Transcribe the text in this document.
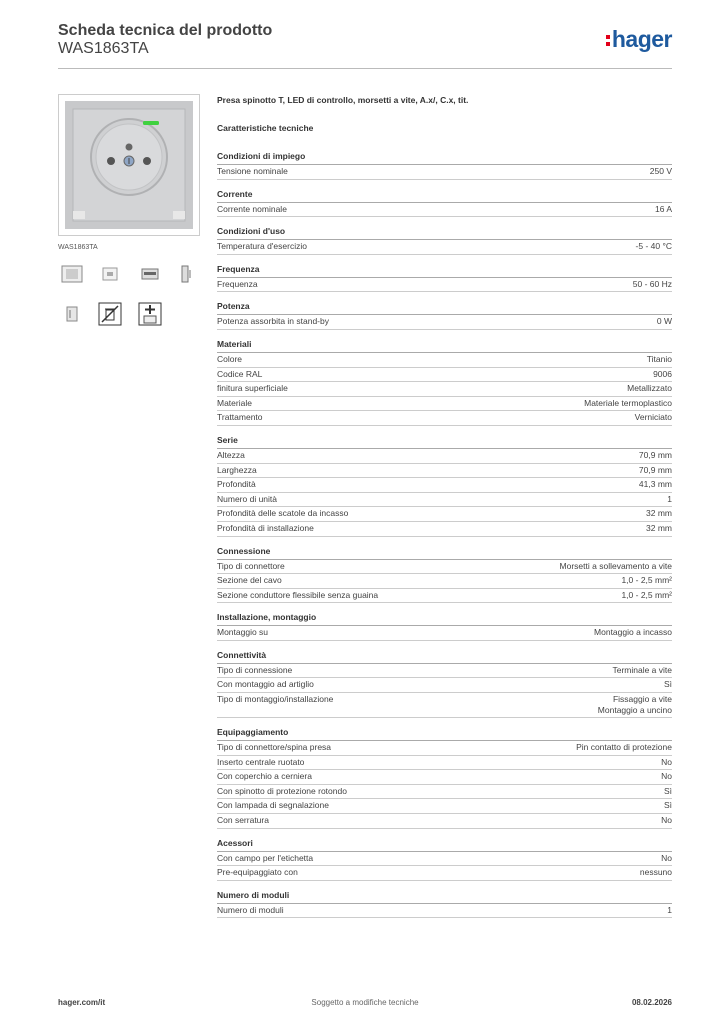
Scheda tecnica del prodotto
WAS1863TA	hager
WAS1863TA
Presa spinotto T, LED di controllo, morsetti a vite, A.x/, C.x, tit.
Caratteristiche tecniche
Condizioni di impiego
Tensione nominale	250 V
Corrente
Corrente nominale	16 A
Condizioni d'uso
Temperatura d'esercizio	-5 - 40 °C
Frequenza
Frequenza	50 - 60 Hz
Potenza
Potenza assorbita in stand-by	0 W
Materiali
Colore	Titanio
Codice RAL	9006
finitura superficiale	Metallizzato
Materiale	Materiale termoplastico
Trattamento	Verniciato
Serie
Altezza	70,9 mm
Larghezza	70,9 mm
Profondità	41,3 mm
Numero di unità	1
Profondità delle scatole da incasso	32 mm
Profondità di installazione	32 mm
Connessione
Tipo di connettore	Morsetti a sollevamento a vite
Sezione del cavo	1,0 - 2,5 mm²
Sezione conduttore flessibile senza guaina	1,0 - 2,5 mm²
Installazione, montaggio
Montaggio su	Montaggio a incasso
Connettività
Tipo di connessione	Terminale a vite
Con montaggio ad artiglio	Sì
Tipo di montaggio/installazione	Fissaggio a vite
Montaggio a uncino
Equipaggiamento
Tipo di connettore/spina presa	Pin contatto di protezione
Inserto centrale ruotato	No
Con coperchio a cerniera	No
Con spinotto di protezione rotondo	Sì
Con lampada di segnalazione	Sì
Con serratura	No
Acessori
Con campo per l'etichetta	No
Pre-equipaggiato con	nessuno
Numero di moduli
Numero di moduli	1
Soggetto a modifiche tecniche
hager.com/it	08.02.2026
